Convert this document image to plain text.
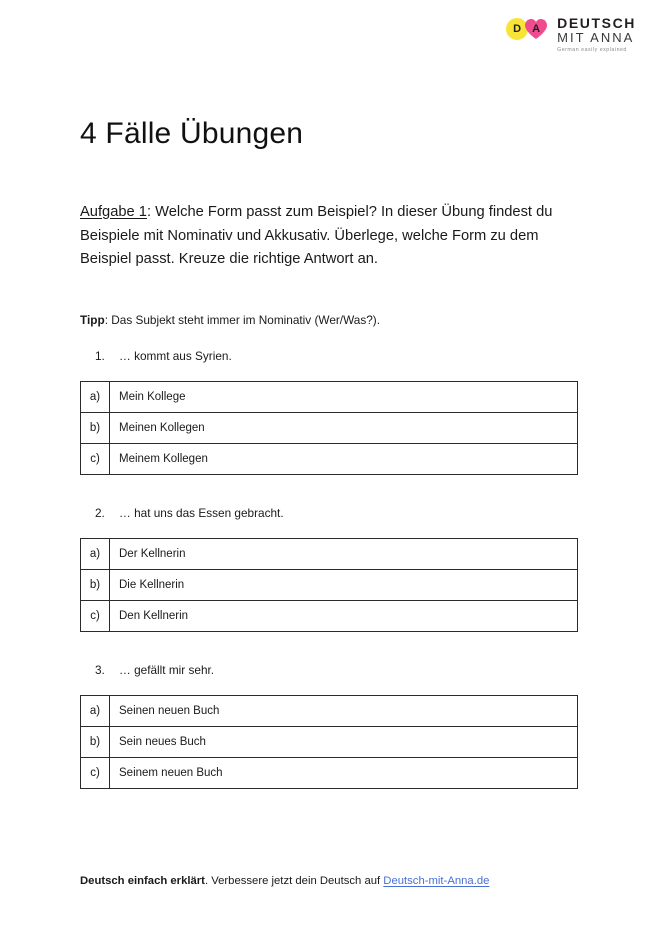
D	A	DEUTSCH
MIT ANNA
German easily explained
4 Fälle Übungen

Aufgabe 1: Welche Form passt zum Beispiel? In dieser Übung findest du Beispiele mit Nominativ und Akkusativ. Überlege, welche Form zu dem Beispiel passt. Kreuze die richtige Antwort an.

Tipp: Das Subjekt steht immer im Nominativ (Wer/Was?).

1. … kommt aus Syrien.
a)	Mein Kollege
b)	Meinen Kollegen
c)	Meinem Kollegen
2. … hat uns das Essen gebracht.
a)	Der Kellnerin
b)	Die Kellnerin
c)	Den Kellnerin
3. … gefällt mir sehr.
a)	Seinen neuen Buch
b)	Sein neues Buch
c)	Seinem neuen Buch
Deutsch einfach erklärt. Verbessere jetzt dein Deutsch auf Deutsch-mit-Anna.de
